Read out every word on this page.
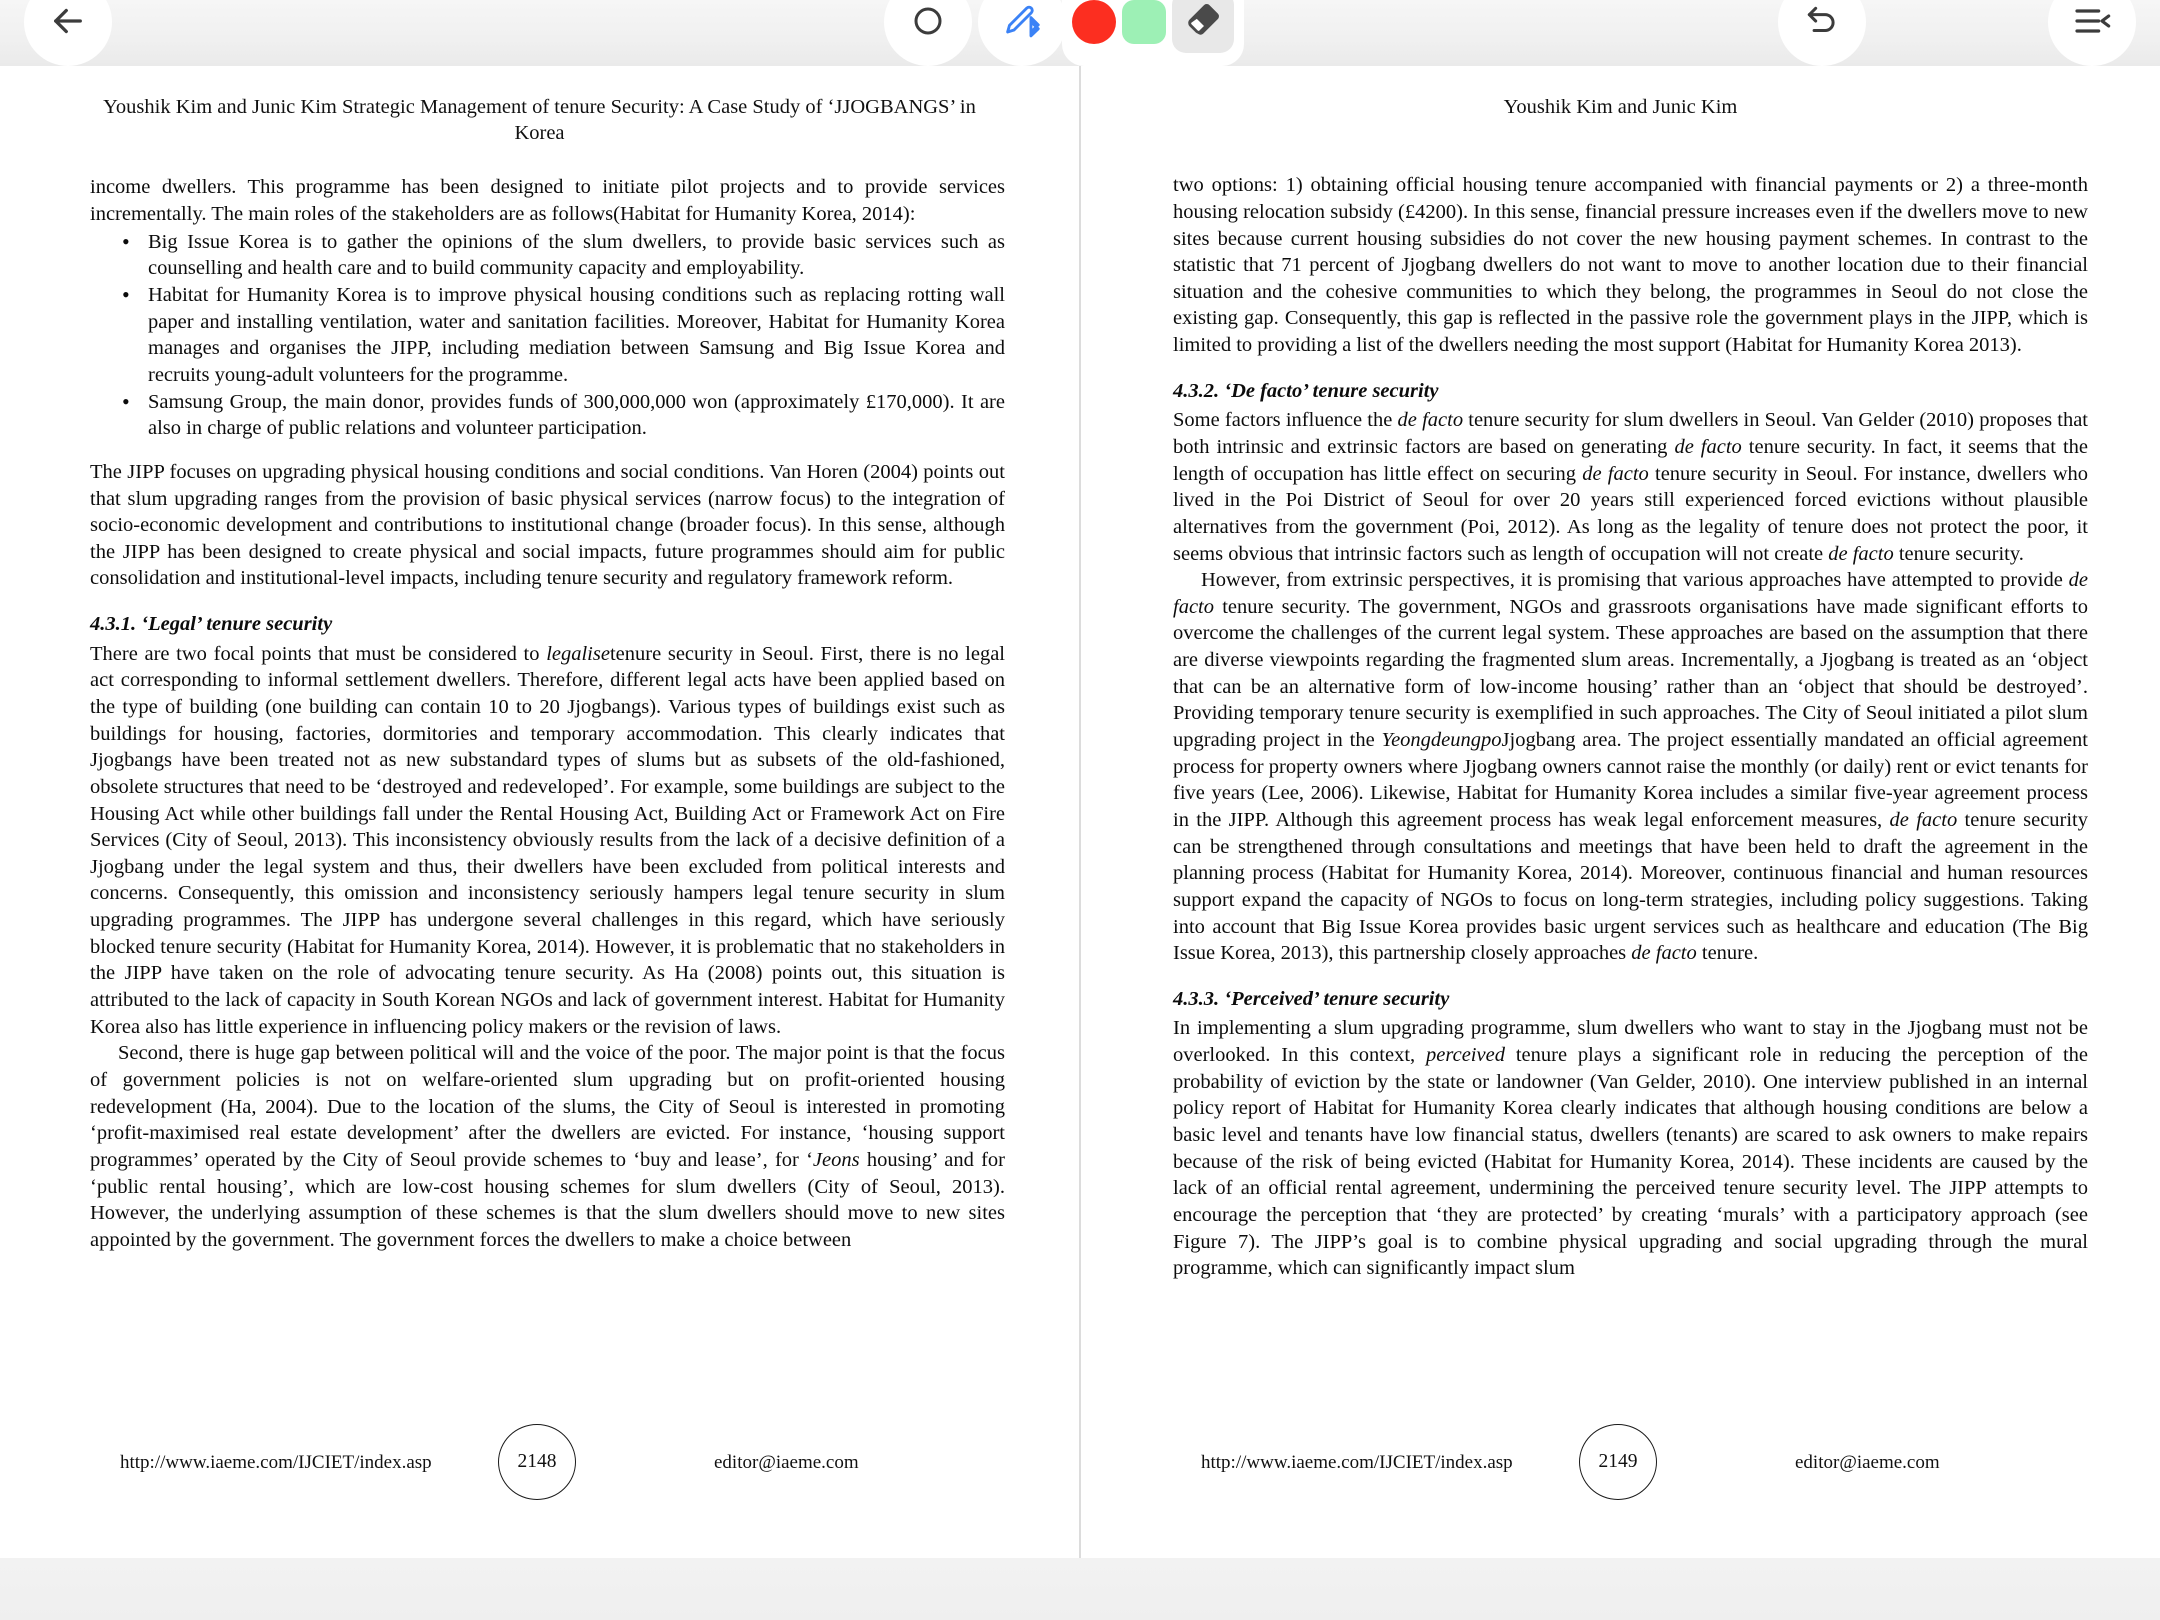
Youshik Kim and Junic Kim Strategic Management of tenure Security: A Case Study of ‘JJOGBANGS’ in Korea

income dwellers. This programme has been designed to initiate pilot projects and to provide services incrementally. The main roles of the stakeholders are as follows(Habitat for Humanity Korea, 2014):

• Big Issue Korea is to gather the opinions of the slum dwellers, to provide basic services such as counselling and health care and to build community capacity and employability.
• Habitat for Humanity Korea is to improve physical housing conditions such as replacing rotting wall paper and installing ventilation, water and sanitation facilities. Moreover, Habitat for Humanity Korea manages and organises the JIPP, including mediation between Samsung and Big Issue Korea and recruits young-adult volunteers for the programme.
• Samsung Group, the main donor, provides funds of 300,000,000 won (approximately £170,000). It are also in charge of public relations and volunteer participation.

The JIPP focuses on upgrading physical housing conditions and social conditions. Van Horen (2004) points out that slum upgrading ranges from the provision of basic physical services (narrow focus) to the integration of socio-economic development and contributions to institutional change (broader focus). In this sense, although the JIPP has been designed to create physical and social impacts, future programmes should aim for public consolidation and institutional-level impacts, including tenure security and regulatory framework reform.

4.3.1. ‘Legal’ tenure security

There are two focal points that must be considered to legalisetenure security in Seoul. First, there is no legal act corresponding to informal settlement dwellers. Therefore, different legal acts have been applied based on the type of building (one building can contain 10 to 20 Jjogbangs). Various types of buildings exist such as buildings for housing, factories, dormitories and temporary accommodation. This clearly indicates that Jjogbangs have been treated not as new substandard types of slums but as subsets of the old-fashioned, obsolete structures that need to be ‘destroyed and redeveloped’. For example, some buildings are subject to the Housing Act while other buildings fall under the Rental Housing Act, Building Act or Framework Act on Fire Services (City of Seoul, 2013). This inconsistency obviously results from the lack of a decisive definition of a Jjogbang under the legal system and thus, their dwellers have been excluded from political interests and concerns. Consequently, this omission and inconsistency seriously hampers legal tenure security in slum upgrading programmes. The JIPP has undergone several challenges in this regard, which have seriously blocked tenure security (Habitat for Humanity Korea, 2014). However, it is problematic that no stakeholders in the JIPP have taken on the role of advocating tenure security. As Ha (2008) points out, this situation is attributed to the lack of capacity in South Korean NGOs and lack of government interest. Habitat for Humanity Korea also has little experience in influencing policy makers or the revision of laws.

Second, there is huge gap between political will and the voice of the poor. The major point is that the focus of government policies is not on welfare-oriented slum upgrading but on profit-oriented housing redevelopment (Ha, 2004). Due to the location of the slums, the City of Seoul is interested in promoting ‘profit-maximised real estate development’ after the dwellers are evicted. For instance, ‘housing support programmes’ operated by the City of Seoul provide schemes to ‘buy and lease’, for ‘Jeons housing’ and for ‘public rental housing’, which are low-cost housing schemes for slum dwellers (City of Seoul, 2013). However, the underlying assumption of these schemes is that the slum dwellers should move to new sites appointed by the government. The government forces the dwellers to make a choice between

http://www.iaeme.com/IJCIET/index.asp	2148	editor@iaeme.com
Youshik Kim and Junic Kim

two options: 1) obtaining official housing tenure accompanied with financial payments or 2) a three-month housing relocation subsidy (£4200). In this sense, financial pressure increases even if the dwellers move to new sites because current housing subsidies do not cover the new housing payment schemes. In contrast to the statistic that 71 percent of Jjogbang dwellers do not want to move to another location due to their financial situation and the cohesive communities to which they belong, the programmes in Seoul do not close the existing gap. Consequently, this gap is reflected in the passive role the government plays in the JIPP, which is limited to providing a list of the dwellers needing the most support (Habitat for Humanity Korea 2013).

4.3.2. ‘De facto’ tenure security

Some factors influence the de facto tenure security for slum dwellers in Seoul. Van Gelder (2010) proposes that both intrinsic and extrinsic factors are based on generating de facto tenure security. In fact, it seems that the length of occupation has little effect on securing de facto tenure security in Seoul. For instance, dwellers who lived in the Poi District of Seoul for over 20 years still experienced forced evictions without plausible alternatives from the government (Poi, 2012). As long as the legality of tenure does not protect the poor, it seems obvious that intrinsic factors such as length of occupation will not create de facto tenure security.

However, from extrinsic perspectives, it is promising that various approaches have attempted to provide de facto tenure security. The government, NGOs and grassroots organisations have made significant efforts to overcome the challenges of the current legal system. These approaches are based on the assumption that there are diverse viewpoints regarding the fragmented slum areas. Incrementally, a Jjogbang is treated as an ‘object that can be an alternative form of low-income housing’ rather than an ‘object that should be destroyed’. Providing temporary tenure security is exemplified in such approaches. The City of Seoul initiated a pilot slum upgrading project in the YeongdeungpoJjogbang area. The project essentially mandated an official agreement process for property owners where Jjogbang owners cannot raise the monthly (or daily) rent or evict tenants for five years (Lee, 2006). Likewise, Habitat for Humanity Korea includes a similar five-year agreement process in the JIPP. Although this agreement process has weak legal enforcement measures, de facto tenure security can be strengthened through consultations and meetings that have been held to draft the agreement in the planning process (Habitat for Humanity Korea, 2014). Moreover, continuous financial and human resources support expand the capacity of NGOs to focus on long-term strategies, including policy suggestions. Taking into account that Big Issue Korea provides basic urgent services such as healthcare and education (The Big Issue Korea, 2013), this partnership closely approaches de facto tenure.

4.3.3. ‘Perceived’ tenure security

In implementing a slum upgrading programme, slum dwellers who want to stay in the Jjogbang must not be overlooked. In this context, perceived tenure plays a significant role in reducing the perception of the probability of eviction by the state or landowner (Van Gelder, 2010). One interview published in an internal policy report of Habitat for Humanity Korea clearly indicates that although housing conditions are below a basic level and tenants have low financial status, dwellers (tenants) are scared to ask owners to make repairs because of the risk of being evicted (Habitat for Humanity Korea, 2014). These incidents are caused by the lack of an official rental agreement, undermining the perceived tenure security level. The JIPP attempts to encourage the perception that ‘they are protected’ by creating ‘murals’ with a participatory approach (see Figure 7). The JIPP’s goal is to combine physical upgrading and social upgrading through the mural programme, which can significantly impact slum

http://www.iaeme.com/IJCIET/index.asp	2149	editor@iaeme.com
